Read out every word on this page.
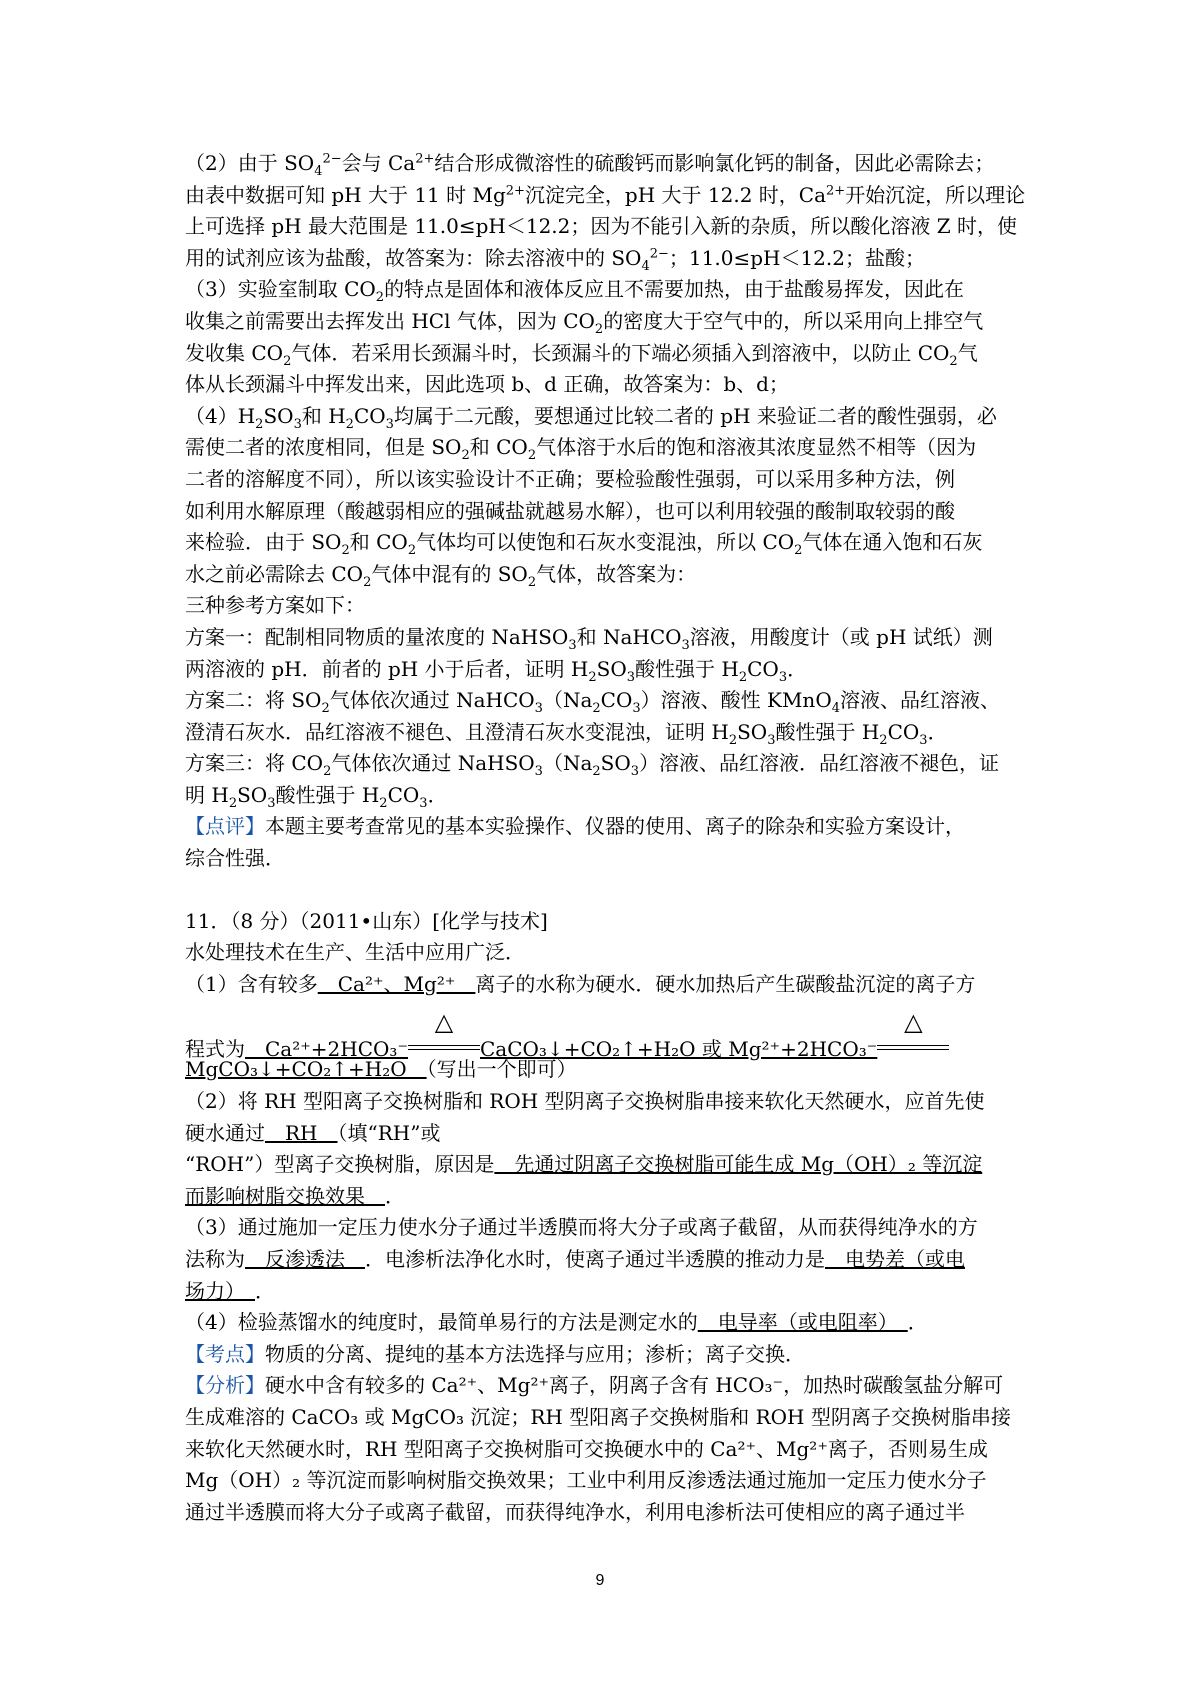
（2）由于 $SO_4^{2-}$会与 $Ca^{2+}$结合形成微溶性的硫酸钙而影响氯化钙的制备，因此必需除去；
由表中数据可知 pH 大于 11 时 $Mg^{2+}$沉淀完全，pH 大于 12.2 时，$Ca^{2+}$开始沉淀，所以理论
上可选择 pH 最大范围是 11.0≤pH＜12.2；因为不能引入新的杂质，所以酸化溶液 Z 时，使
用的试剂应该为盐酸，故答案为：除去溶液中的 $SO_4^{2-}$；11.0≤pH＜12.2；盐酸；
（3）实验室制取 $CO_2$的特点是固体和液体反应且不需要加热，由于盐酸易挥发，因此在
收集之前需要出去挥发出 HCl 气体，因为 $CO_2$的密度大于空气中的，所以采用向上排空气
发收集 $CO_2$气体．若采用长颈漏斗时，长颈漏斗的下端必须插入到溶液中，以防止 $CO_2$气
体从长颈漏斗中挥发出来，因此选项 b、d 正确，故答案为：b、d；
$(4)H_2SO_3$和 $H_2CO_3$均属于二元酸，要想通过比较二者的 pH 来验证二者的酸性强弱，必
需使二者的浓度相同，但是 $SO_2$和 $CO_2$气体溶于水后的饱和溶液其浓度显然不相等（因为
二者的溶解度不同），所以该实验设计不正确；要检验酸性强弱，可以采用多种方法，例
如利用水解原理（酸越弱相应的强碱盐就越易水解），也可以利用较强的酸制取较弱的酸
来检验．由于 $SO_2$和 $CO_2$气体均可以使饱和石灰水变混浊，所以 $CO_2$气体在通入饱和石灰
水之前必需除去 $CO_2$气体中混有的 $SO_2$气体，故答案为：
三种参考方案如下：
方案一：配制相同物质的量浓度的 NaHSO$_3$和 NaHCO$_3$溶液，用酸度计（或 pH 试纸）测
两溶液的 pH．前者的 pH 小于后者，证明 $H_2SO_3$酸性强于 $H_2CO_3$．
方案二：将 $SO_2$气体依次通过 $NaHCO_3(Na_2CO_3)$溶液、酸性 KMnO$_4$溶液、品红溶液、
澄清石灰水．品红溶液不褪色、且澄清石灰水变混浊，证明 $H_2SO_3$酸性强于 $H_2CO_3$．
方案三：将 $CO_2$气体依次通过 $NaHSO_3(Na_2SO_3)$溶液、品红溶液．品红溶液不褪色，证
明 $H_2SO_3$酸性强于 $H_2CO_3$．
【点评】本题主要考查常见的基本实验操作、仪器的使用、离子的除杂和实验方案设计，
综合性强．
11．（8 分）（2011•山东）[化学与技术]
水处理技术在生产、生活中应用广泛．
（1）含有较多　Ca²⁺、Mg²⁺　离子的水称为硬水．硬水加热后产生碳酸盐沉淀的离子方
程式为　Ca²⁺+2HCO₃⁻
△
CaCO₃↓+CO₂↑+H₂O 或 Mg²⁺+2HCO₃⁻
△
MgCO₃↓+CO₂↑+H₂O　（写出一个即可）
（2）将 RH 型阳离子交换树脂和 ROH 型阴离子交换树脂串接来软化天然硬水，应首先使
硬水通过　RH　（填“RH”或
“ROH”）型离子交换树脂，原因是　先通过阴离子交换树脂可能生成 Mg（OH）₂ 等沉淀
而影响树脂交换效果　．
（3）通过施加一定压力使水分子通过半透膜而将大分子或离子截留，从而获得纯净水的方
法称为　反渗透法　．电渗析法净化水时，使离子通过半透膜的推动力是　电势差（或电
场力）　．
（4）检验蒸馏水的纯度时，最简单易行的方法是测定水的　电导率（或电阻率）　．
【考点】物质的分离、提纯的基本方法选择与应用；渗析；离子交换．
【分析】硬水中含有较多的 Ca²⁺、Mg²⁺离子，阴离子含有 HCO₃⁻，加热时碳酸氢盐分解可
生成难溶的 CaCO₃ 或 MgCO₃ 沉淀；RH 型阳离子交换树脂和 ROH 型阴离子交换树脂串接
来软化天然硬水时，RH 型阳离子交换树脂可交换硬水中的 Ca²⁺、Mg²⁺离子，否则易生成
Mg（OH）₂ 等沉淀而影响树脂交换效果；工业中利用反渗透法通过施加一定压力使水分子
通过半透膜而将大分子或离子截留，而获得纯净水，利用电渗析法可使相应的离子通过半
9
